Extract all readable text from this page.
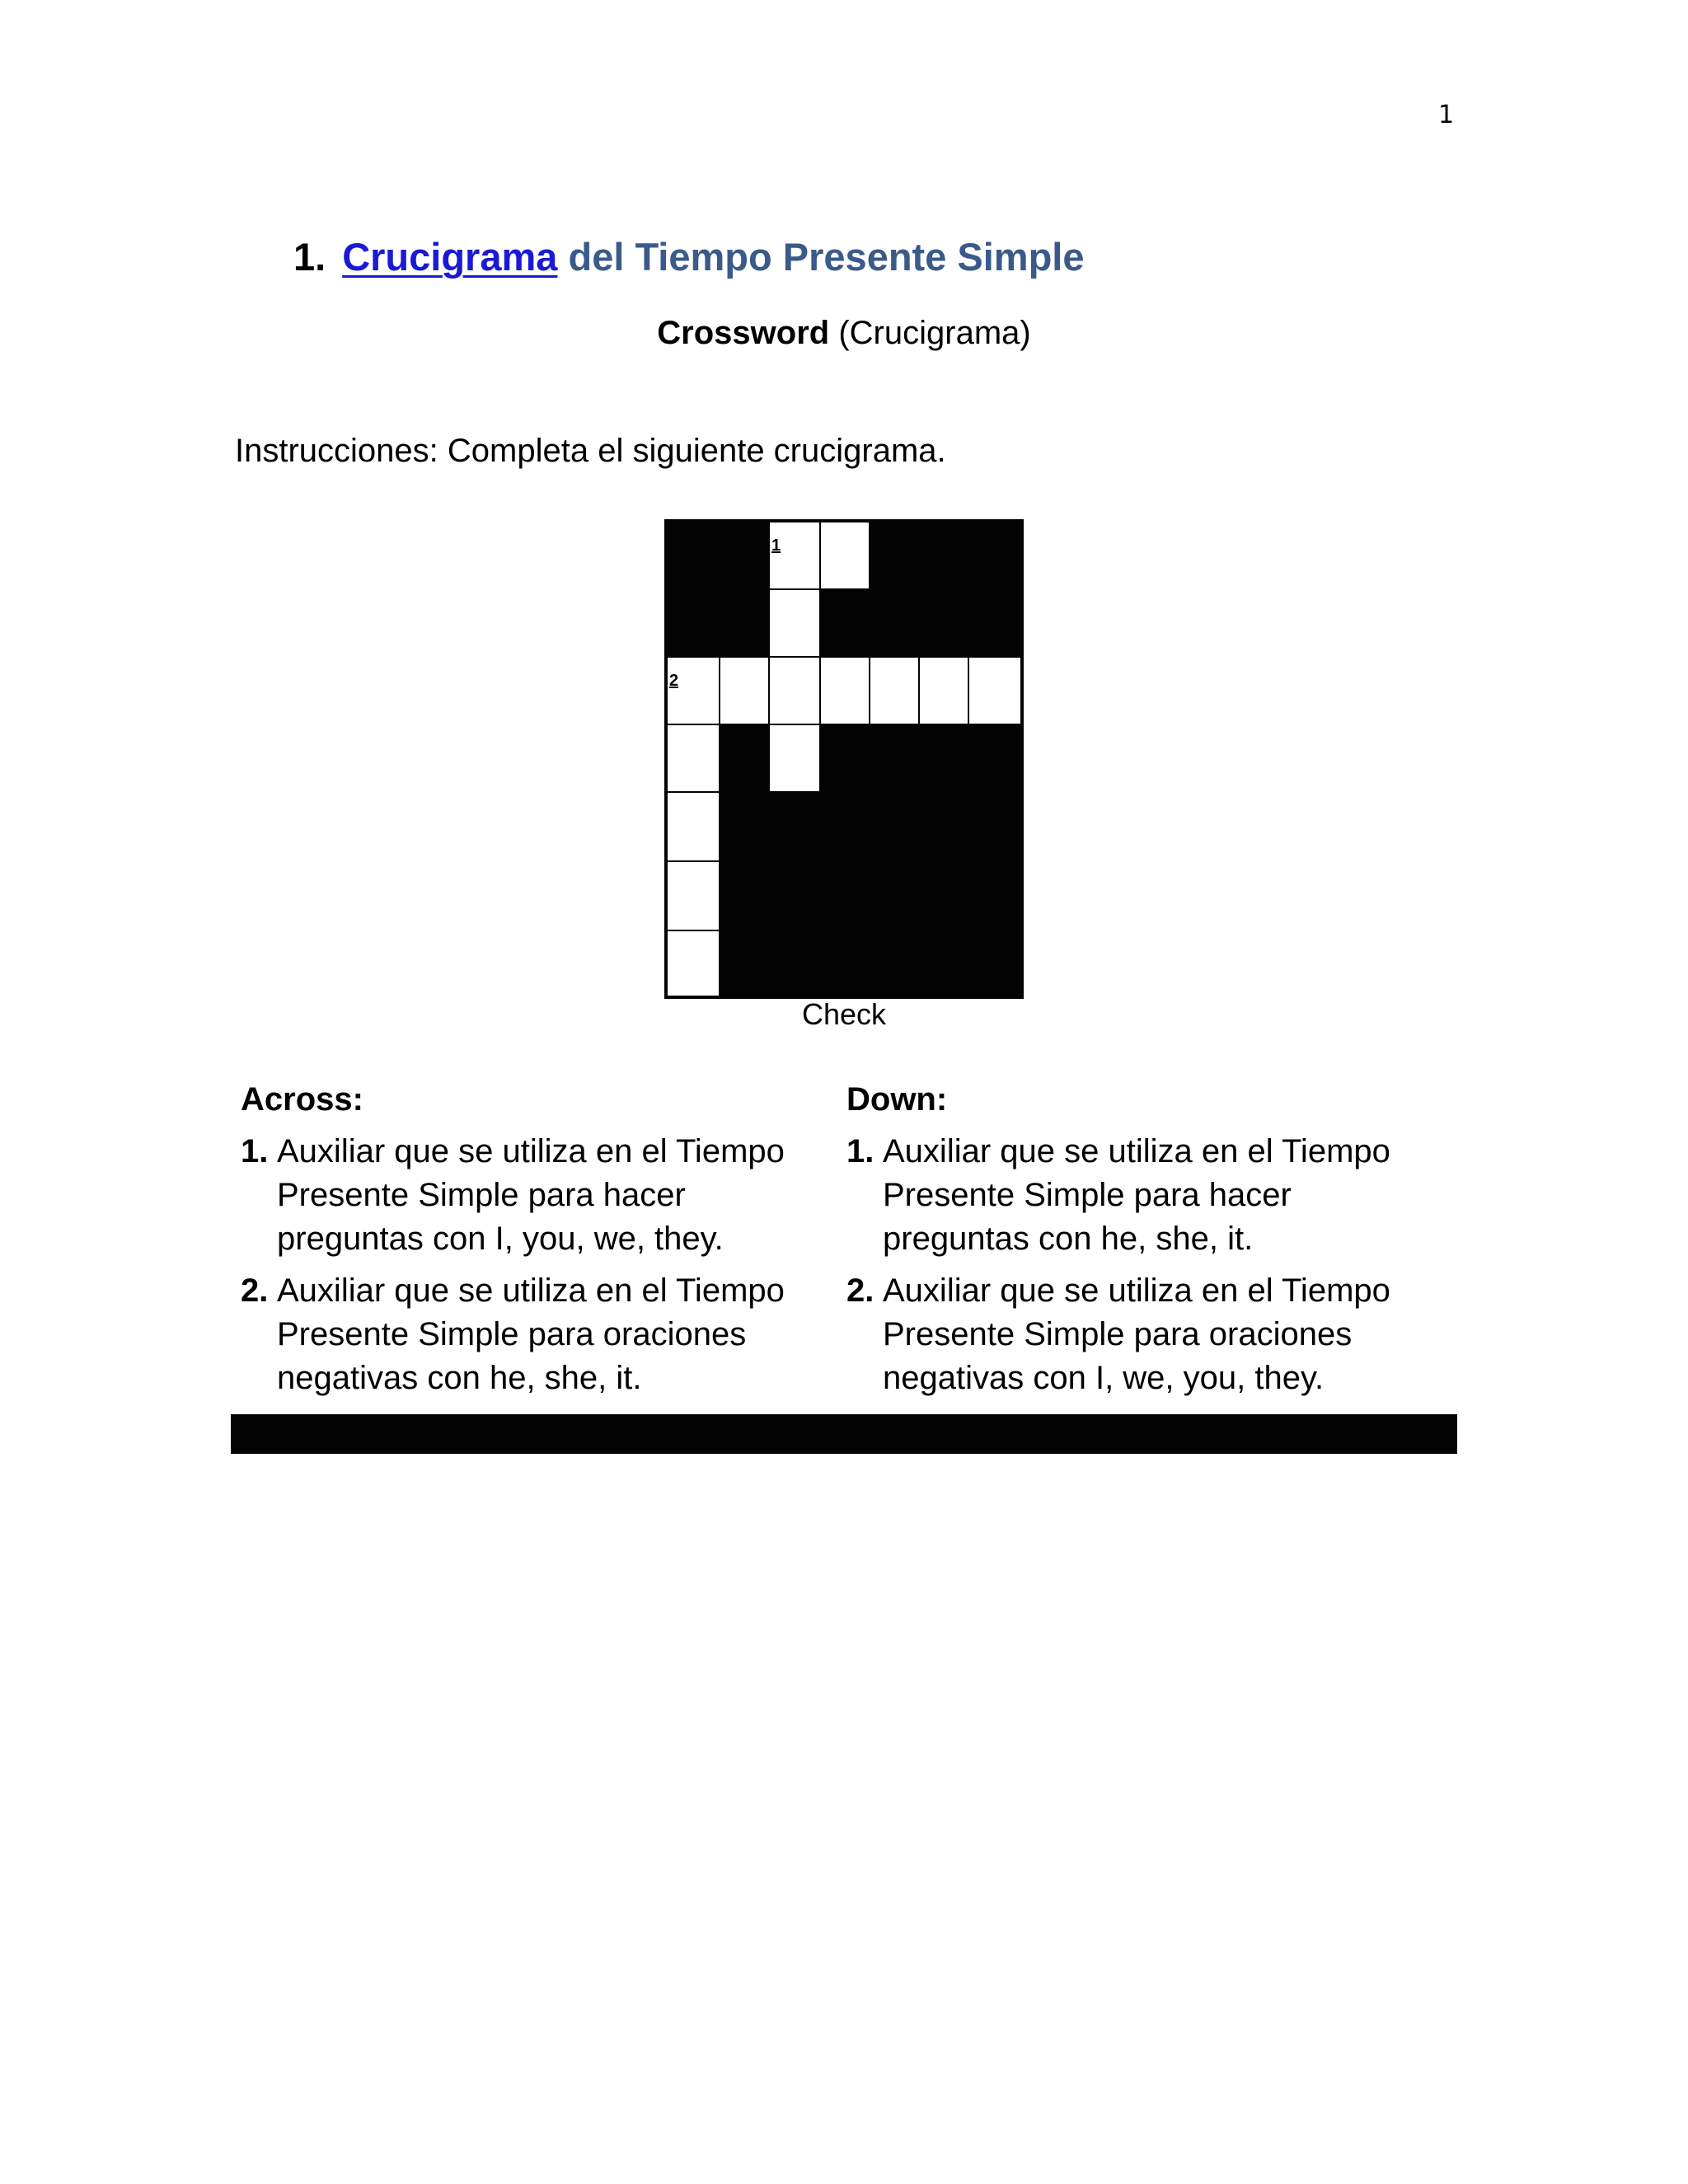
1
1. Crucigrama del Tiempo Presente Simple
Crossword (Crucigrama)
Instrucciones: Completa el siguiente crucigrama.
1
2
Check
Across:
1. Auxiliar que se utiliza en el Tiempo Presente Simple para hacer preguntas con I, you, we, they.
2. Auxiliar que se utiliza en el Tiempo Presente Simple para oraciones negativas con he, she, it.
Down:
1. Auxiliar que se utiliza en el Tiempo Presente Simple para hacer preguntas con he, she, it.
2. Auxiliar que se utiliza en el Tiempo Presente Simple para oraciones negativas con I, we, you, they.
